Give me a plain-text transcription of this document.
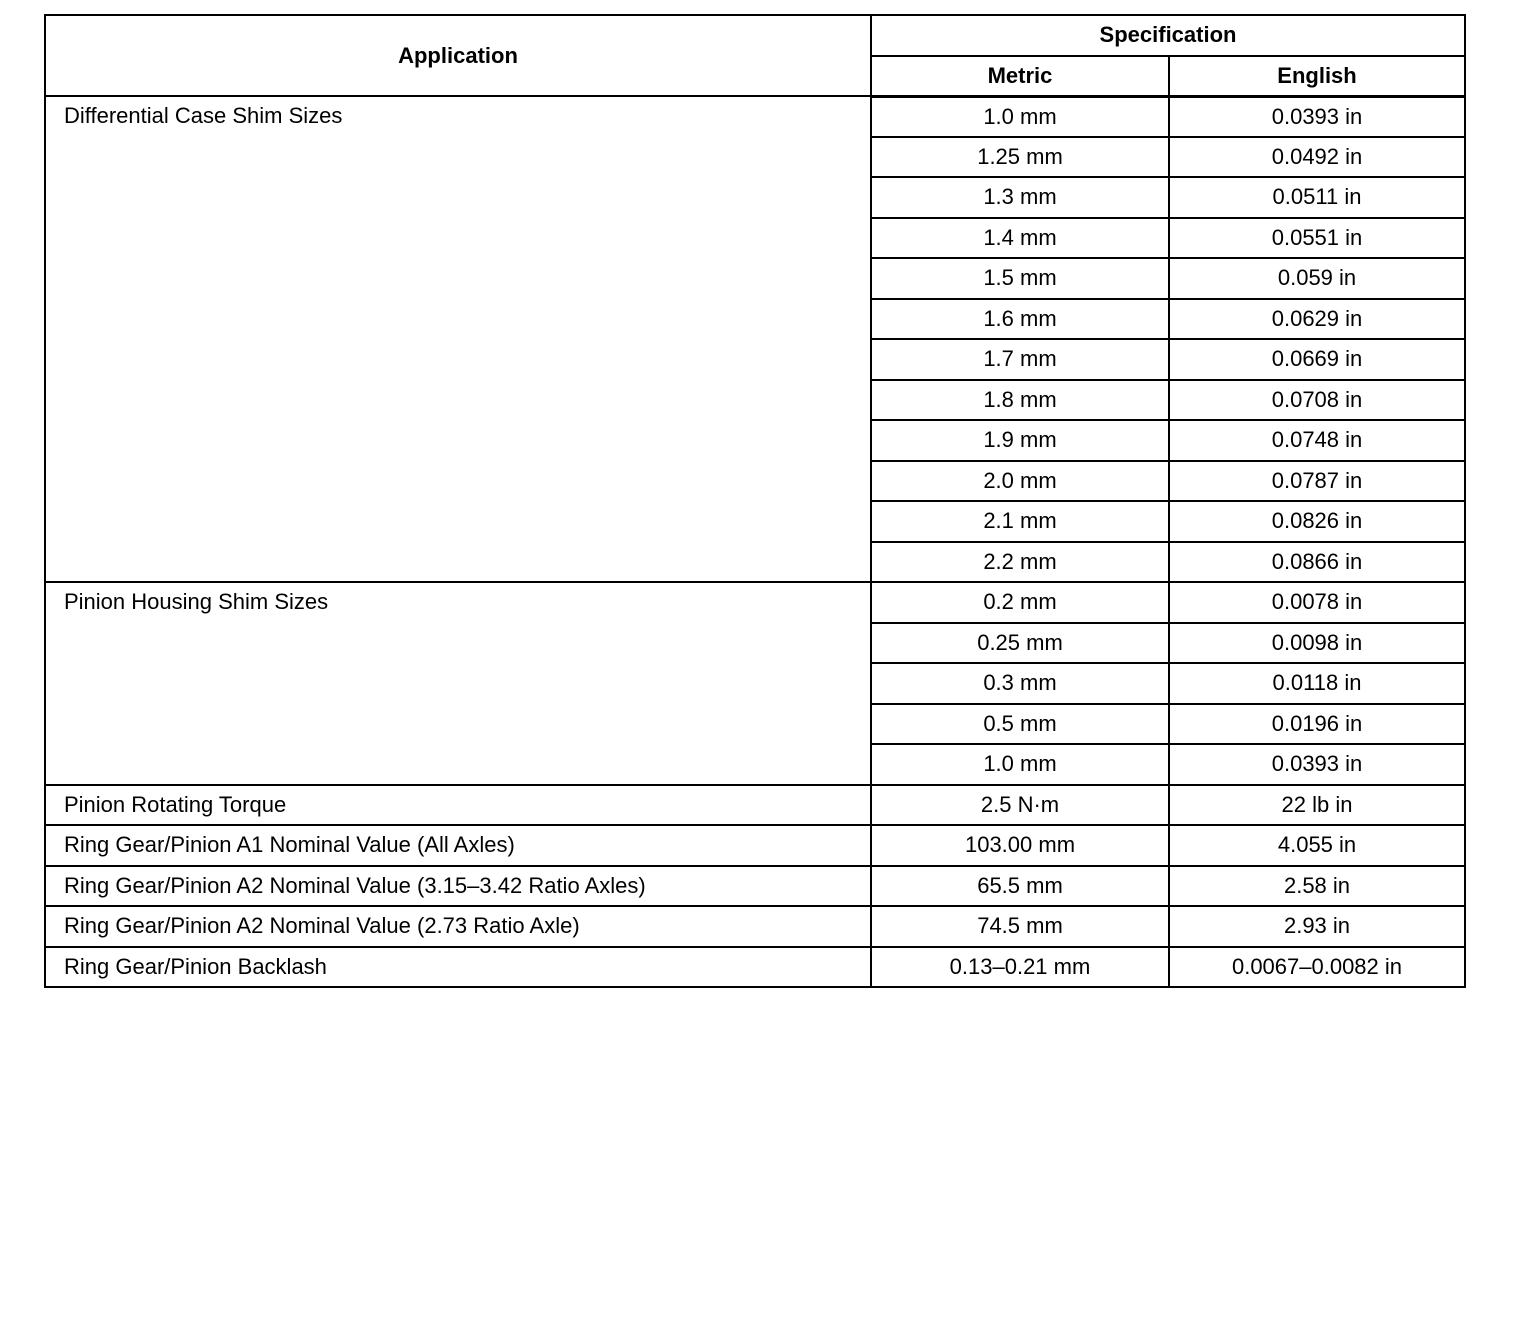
Application	Specification	
	Metric	English
Differential Case Shim Sizes	1.0 mm	0.0393 in
	1.25 mm	0.0492 in
	1.3 mm	0.0511 in
	1.4 mm	0.0551 in
	1.5 mm	0.059 in
	1.6 mm	0.0629 in
	1.7 mm	0.0669 in
	1.8 mm	0.0708 in
	1.9 mm	0.0748 in
	2.0 mm	0.0787 in
	2.1 mm	0.0826 in
	2.2 mm	0.0866 in
Pinion Housing Shim Sizes	0.2 mm	0.0078 in
	0.25 mm	0.0098 in
	0.3 mm	0.0118 in
	0.5 mm	0.0196 in
	1.0 mm	0.0393 in
Pinion Rotating Torque	2.5 N·m	22 lb in
Ring Gear/Pinion A1 Nominal Value (All Axles)	103.00 mm	4.055 in
Ring Gear/Pinion A2 Nominal Value (3.15–3.42 Ratio Axles)	65.5 mm	2.58 in
Ring Gear/Pinion A2 Nominal Value (2.73 Ratio Axle)	74.5 mm	2.93 in
Ring Gear/Pinion Backlash	0.13–0.21 mm	0.0067–0.0082 in
